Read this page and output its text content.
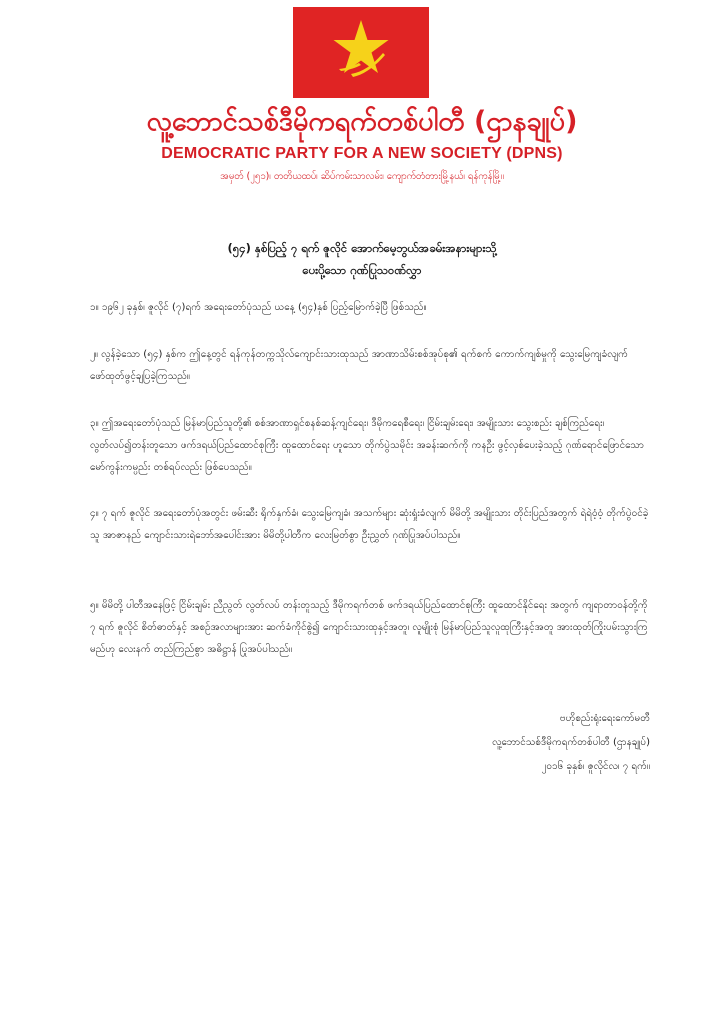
လူ့ဘောင်သစ်ဒီမိုကရက်တစ်ပါတီ (ဌာနချုပ်)
DEMOCRATIC PARTY FOR A NEW SOCIETY (DPNS)
အမှတ် (၂၅၁)၊ တတိယထပ်၊ ဆိပ်ကမ်းသာလမ်း၊ ကျောက်တံတားမြို့နယ်၊ ရန်ကုန်မြို့။
(၅၄) နှစ်ပြည့် ၇ ရက် ဇူလိုင် အောက်မေ့ဘွယ်အခမ်းအနားများသို့
ပေးပို့သော ဂုဏ်ပြုသဝဏ်လွှာ
၁။ ၁၉၆၂ ခုနှစ်၊ ဇူလိုင် (၇)ရက် အရေးတော်ပုံသည် ယနေ့ (၅၄)နှစ် ပြည့်မြောက်ခဲ့ပြီ ဖြစ်သည်။
၂။ လွန်ခဲ့သော (၅၄) နှစ်က ဤနေ့တွင် ရန်ကုန်တက္ကသိုလ်ကျောင်းသားထုသည် အာဏာသိမ်းစစ်အုပ်စု၏ ရက်စက် ကောက်ကျစ်မှုကို သွေးမြေကျခံလျက် ဖော်ထုတ်ဖွင့်ချပြခဲ့ကြသည်။
၃။ ဤအရေးတော်ပုံသည် မြန်မာပြည်သူတို့၏ စစ်အာဏာရှင်စနစ်ဆန့်ကျင်ရေး၊ ဒီမိုကရေစီရေး၊ ငြိမ်းချမ်းရေး၊ အမျိုးသား သွေးစည်း ချစ်ကြည်ရေး၊ လွတ်လပ်၍တန်းတူသော ဖက်ဒရယ်ပြည်ထောင်စုကြီး ထူထောင်ရေး ဟူသော တိုက်ပွဲသမိုင်း အခန်းဆက်ကို ကနဦး ဖွင့်လှစ်ပေးခဲ့သည့် ဂုဏ်ရောင်ဖြောင်သော မော်ကွန်းကမ္ပည်း တစ်ရပ်လည်း ဖြစ်ပေသည်။
၄။ ၇ ရက် ဇူလိုင် အရေးတော်ပုံအတွင်း ဖမ်းဆီး ရိုက်နှက်ခံ၊ သွေးမြေကျခံ၊ အသက်များ ဆုံးရှုံးခံလျက် မိမိတို့ အမျိုးသား တိုင်းပြည်အတွက် ရဲရဲဝံ့ဝံ့ တိုက်ပွဲဝင်ခဲ့သူ အာဇာနည် ကျောင်းသားရဲဘော်အပေါင်းအား မိမိတို့ပါတီက လေးမြတ်စွာ ဦးညွှတ် ဂုဏ်ပြုအပ်ပါသည်။
၅။ မိမိတို့ ပါတီအနေဖြင့် ငြိမ်းချမ်း ညီညွတ် လွတ်လပ် တန်းတူသည့် ဒီမိုကရက်တစ် ဖက်ဒရယ်ပြည်ထောင်စုကြီး ထူထောင်နိုင်ရေး အတွက် ကျရာတာဝန်တို့ကို ၇ ရက် ဇူလိုင် စိတ်ဓာတ်နှင့် အစဉ်အလာများအား ဆက်ခံကိုင်စွဲ၍ ကျောင်းသားထုနှင့်အတူ၊ လူမျိုးစုံ မြန်မာပြည်သူလူထုကြီးနှင့်အတူ အားထုတ်ကြိုးပမ်းသွားကြမည်ဟု လေးနက် တည်ကြည်စွာ အဓိဋ္ဌာန် ပြုအပ်ပါသည်။
ဗဟိုစည်းရုံးရေးကော်မတီ
လူ့ဘောင်သစ်ဒီမိုကရက်တစ်ပါတီ (ဌာနချုပ်)
၂၀၁၆ ခုနှစ်၊ ဇူလိုင်လ၊ ၇ ရက်။
